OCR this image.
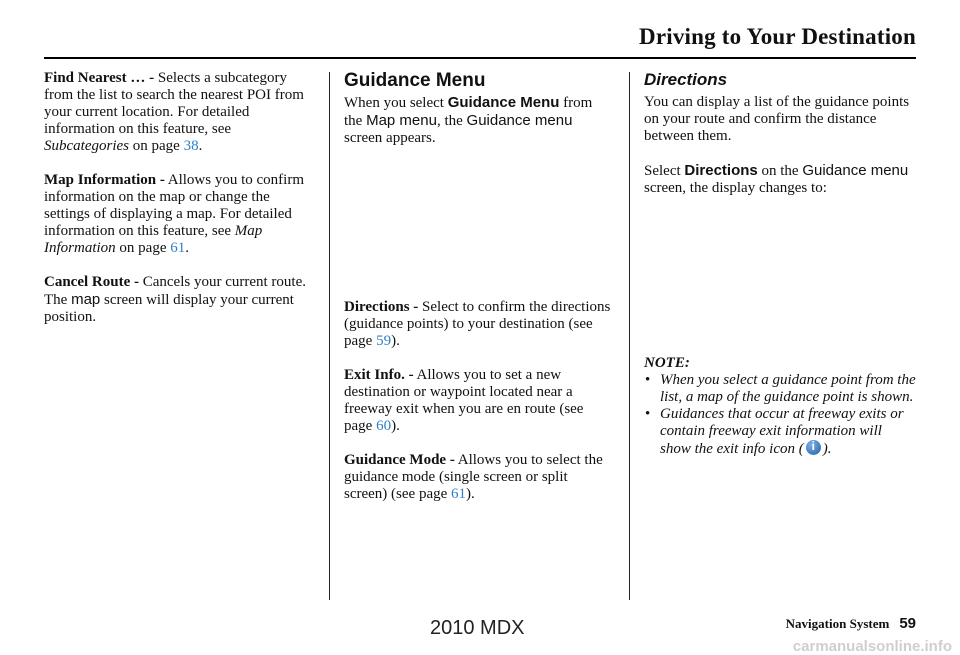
Driving to Your Destination

Find Nearest … - Selects a subcategory from the list to search the nearest POI from your current location. For detailed information on this feature, see Subcategories on page 38.

Map Information - Allows you to confirm information on the map or change the settings of displaying a map. For detailed information on this feature, see Map Information on page 61.

Cancel Route - Cancels your current route. The map screen will display your current position.

Guidance Menu

When you select Guidance Menu from the Map menu, the Guidance menu screen appears.

Directions - Select to confirm the directions (guidance points) to your destination (see page 59).

Exit Info. - Allows you to set a new destination or waypoint located near a freeway exit when you are en route (see page 60).

Guidance Mode - Allows you to select the guidance mode (single screen or split screen) (see page 61).

Directions

You can display a list of the guidance points on your route and confirm the distance between them.

Select Directions on the Guidance menu screen, the display changes to:

NOTE:
• When you select a guidance point from the list, a map of the guidance point is shown.
• Guidances that occur at freeway exits or contain freeway exit information will show the exit info icon (i ).
2010 MDX	Navigation System 59
carmanualsonline.info
